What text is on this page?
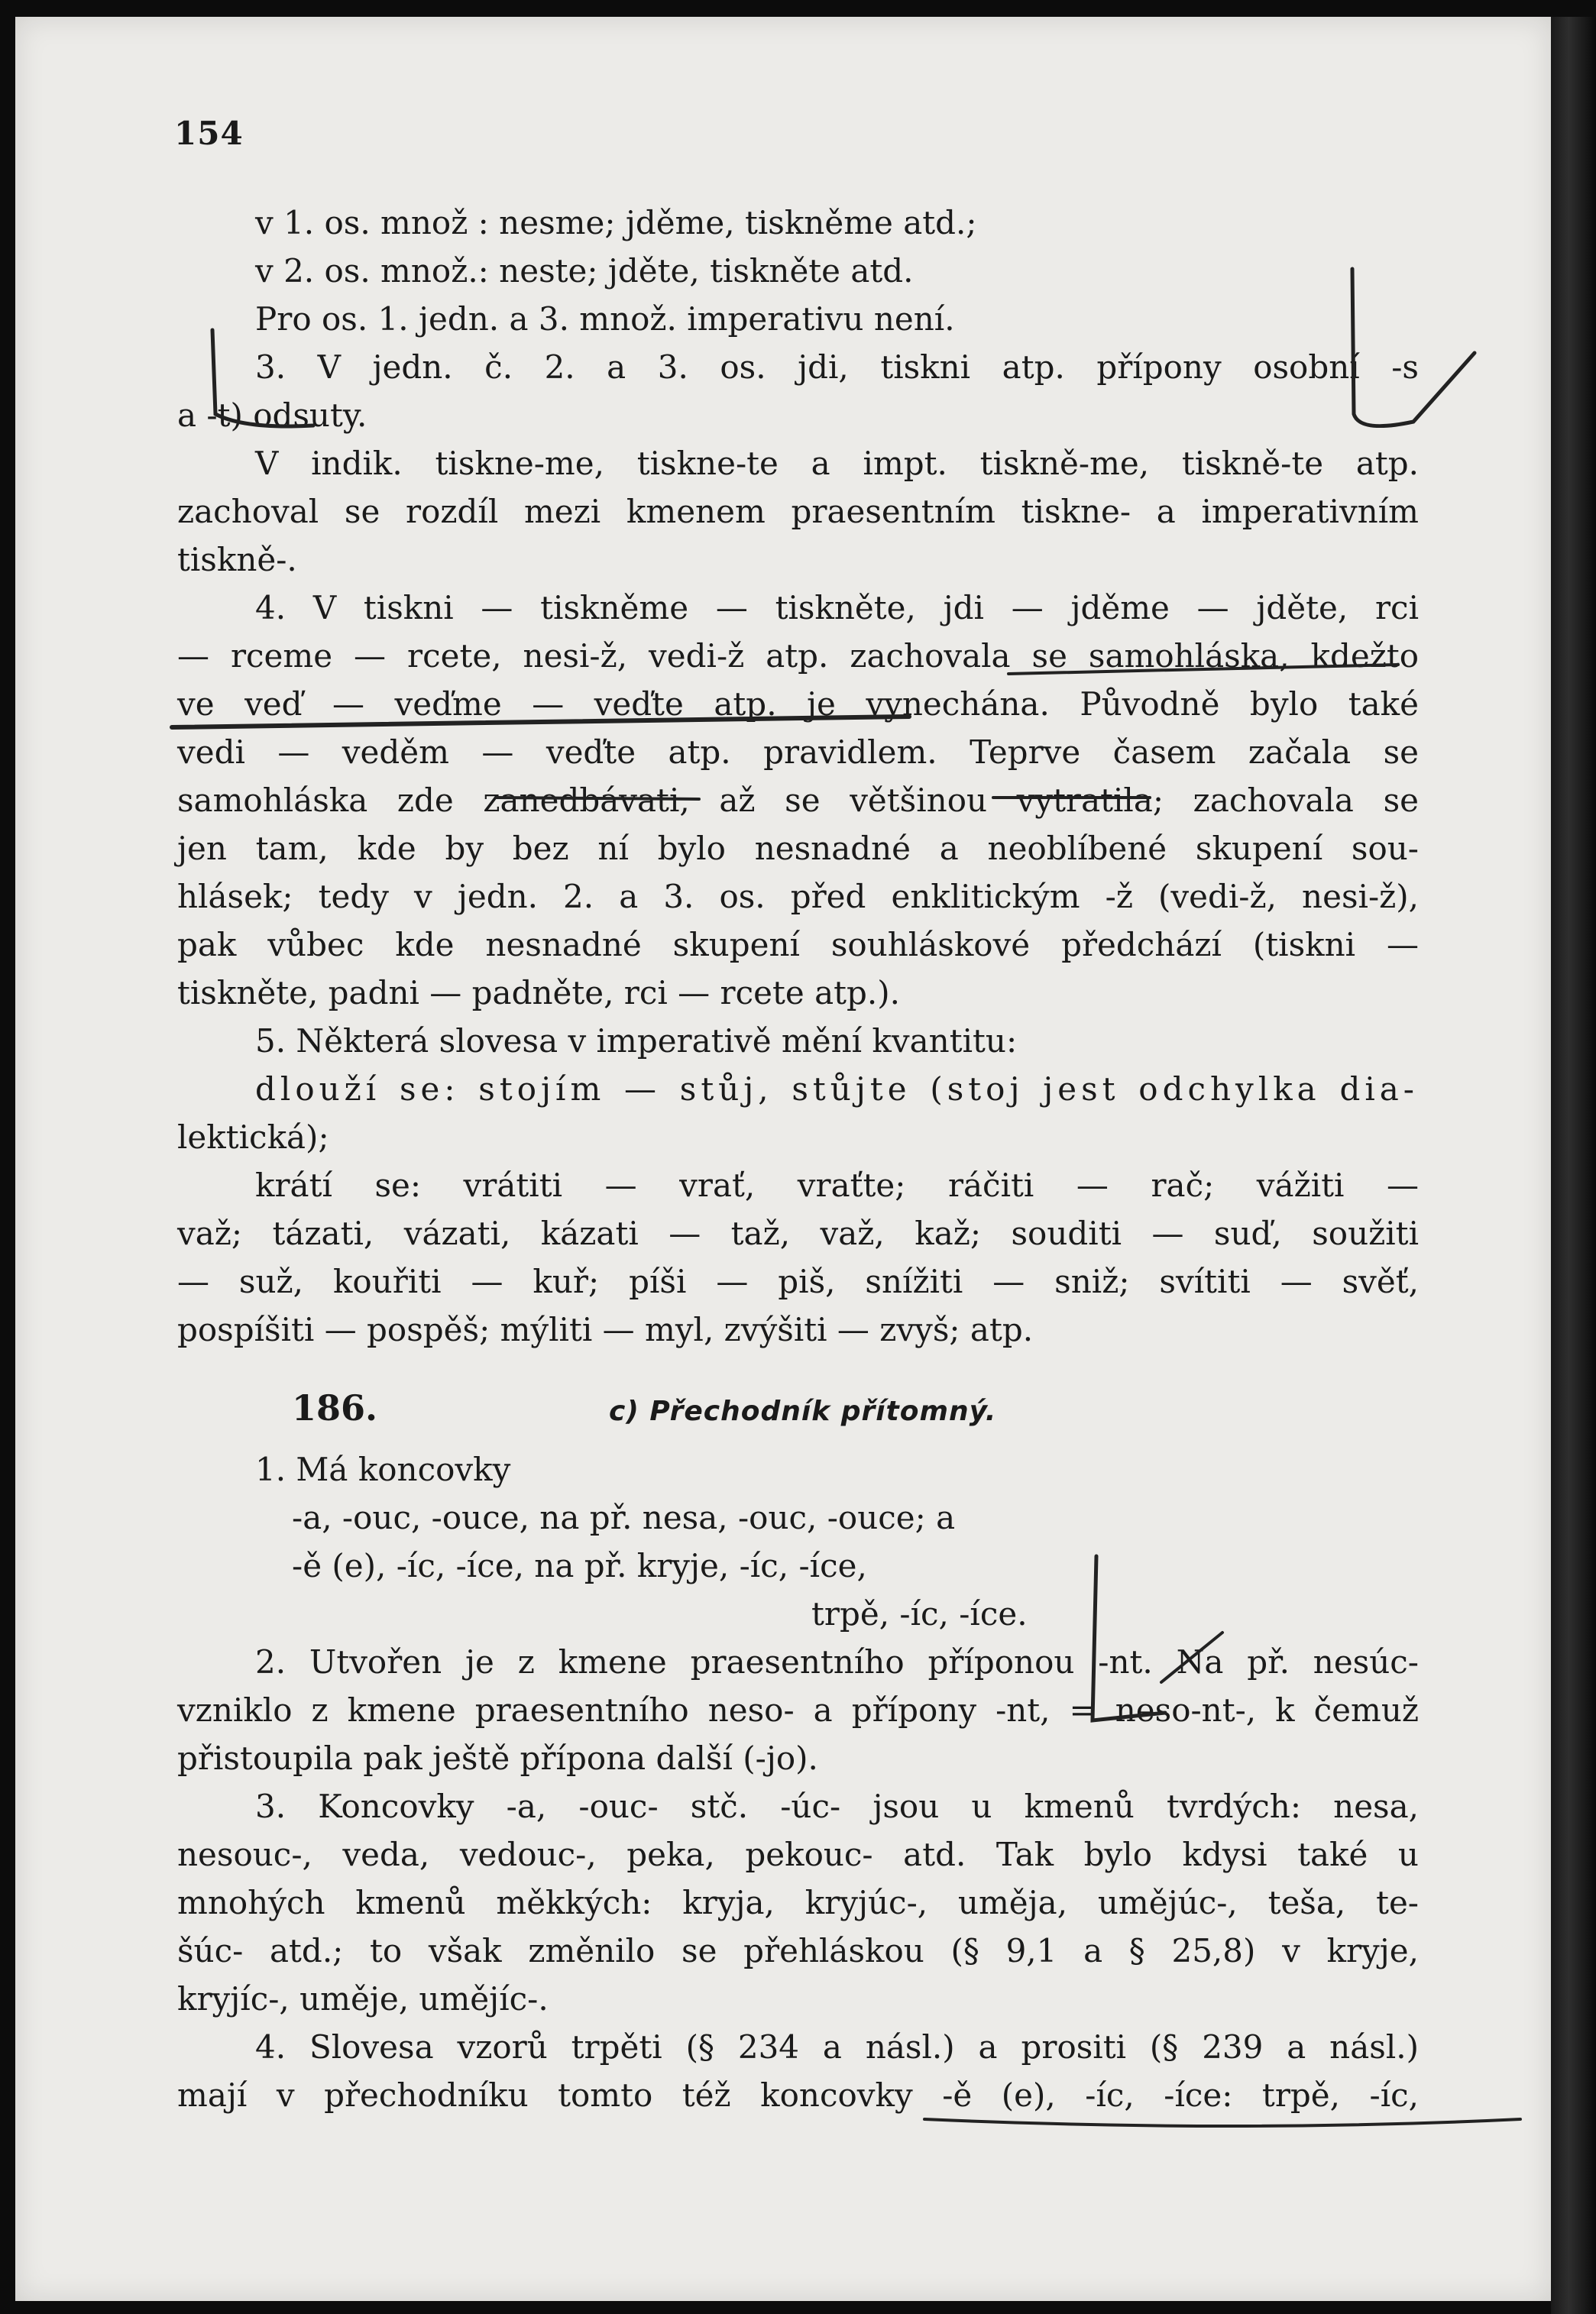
154
v 1. os. množ : nesme; jděme, tiskněme atd.;
v 2. os. množ.: neste; jděte, tiskněte atd.
Pro os. 1. jedn. a 3. množ. imperativu není.
3. V jedn. č. 2. a 3. os. jdi, tiskni atp. přípony osobní -s
a -t) odsuty.
V indik. tiskne-me, tiskne-te a impt. tiskně-me, tiskně-te atp.
zachoval se rozdíl mezi kmenem praesentním tiskne- a imperativním
tiskně-.
4. V tiskni — tiskněme — tiskněte, jdi — jděme — jděte, rci
— rceme — rcete, nesi-ž, vedi-ž atp. zachovala se samohláska, kdežto
ve veď — veďme — veďte atp. je vynechána. Původně bylo také
vedi — veděm — veďte atp. pravidlem. Teprve časem začala se
samohláska zde zanedbávati, až se většinou vytratila; zachovala se
jen tam, kde by bez ní bylo nesnadné a neoblíbené skupení sou-
hlásek; tedy v jedn. 2. a 3. os. před enklitickým -ž (vedi-ž, nesi-ž),
pak vůbec kde nesnadné skupení souhláskové předchází (tiskni —
tiskněte, padni — padněte, rci — rcete atp.).
5. Některá slovesa v imperativě mění kvantitu:
dlouží se: stojím — stůj, stůjte (stoj jest odchylka dia-
lektická);
krátí se: vrátiti — vrať, vraťte; ráčiti — rač; vážiti —
važ; tázati, vázati, kázati — taž, važ, kaž; souditi — suď, soužiti
— suž, kouřiti — kuř; píši — piš, snížiti — sniž; svítiti — svěť,
pospíšiti — pospěš; mýliti — myl, zvýšiti — zvyš; atp.
186.	c) Přechodník přítomný.
1. Má koncovky
-a, -ouc, -ouce, na př. nesa, -ouc, -ouce; a
-ě (e), -íc, -íce, na př. kryje, -íc, -íce,
trpě, -íc, -íce.
2. Utvořen je z kmene praesentního příponou -nt. Na př. nesúc-
vzniklo z kmene praesentního neso- a přípony -nt, = neso-nt-, k čemuž
přistoupila pak ještě přípona další (-jo).
3. Koncovky -a, -ouc- stč. -úc- jsou u kmenů tvrdých: nesa,
nesouc-, veda, vedouc-, peka, pekouc- atd. Tak bylo kdysi také u
mnohých kmenů měkkých: kryja, kryjúc-, uměja, umějúc-, teša, te-
šúc- atd.; to však změnilo se přehláskou (§ 9,1 a § 25,8) v kryje,
kryjíc-, uměje, umějíc-.
4. Slovesa vzorů trpěti (§ 234 a násl.) a prositi (§ 239 a násl.)
mají v přechodníku tomto též koncovky -ě (e), -íc, -íce: trpě, -íc,
